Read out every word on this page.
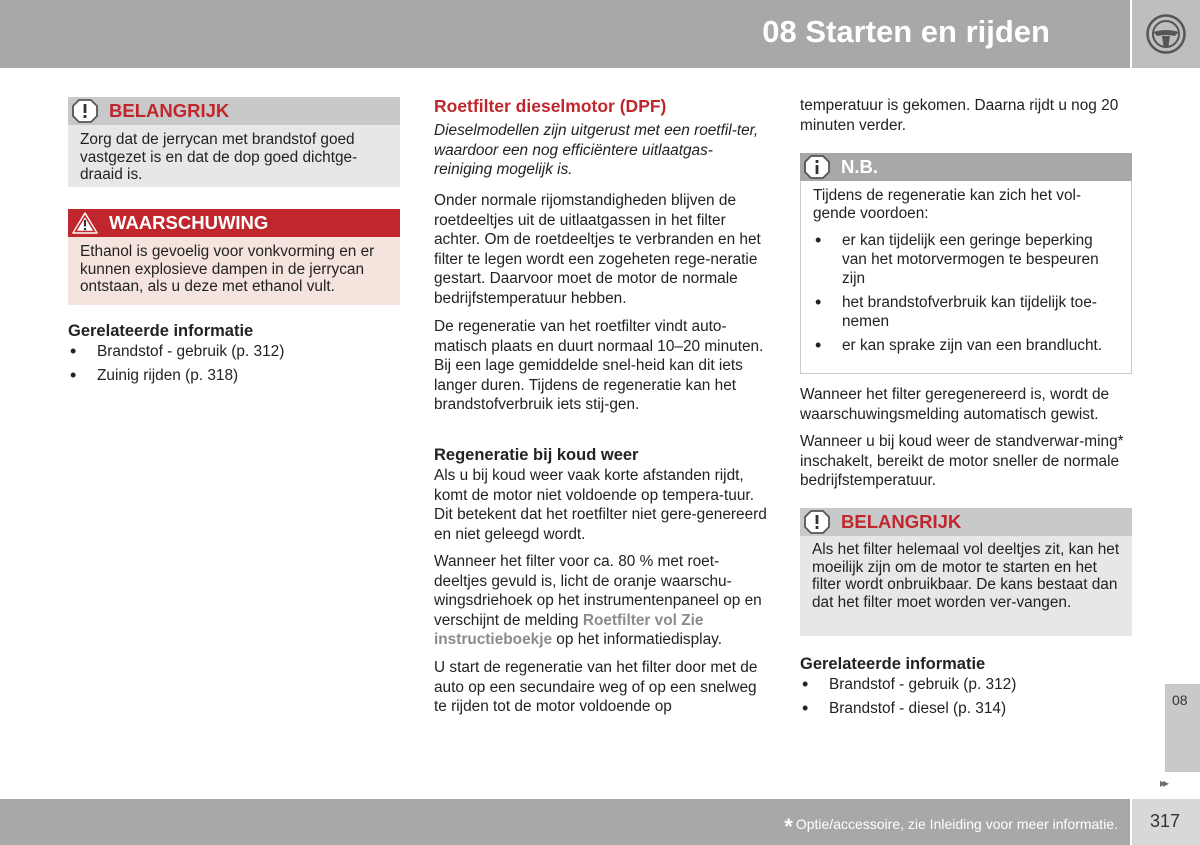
08 Starten en rijden
BELANGRIJK
Zorg dat de jerrycan met brandstof goed vastgezet is en dat de dop goed dichtge-draaid is.
WAARSCHUWING
Ethanol is gevoelig voor vonkvorming en er kunnen explosieve dampen in de jerrycan ontstaan, als u deze met ethanol vult.
Gerelateerde informatie
• Brandstof - gebruik (p. 312)
• Zuinig rijden (p. 318)
Roetfilter dieselmotor (DPF)

Dieselmodellen zijn uitgerust met een roetfil-ter, waardoor een nog efficiëntere uitlaatgas-reiniging mogelijk is.

Onder normale rijomstandigheden blijven de roetdeeltjes uit de uitlaatgassen in het filter achter. Om de roetdeeltjes te verbranden en het filter te legen wordt een zogeheten rege-neratie gestart. Daarvoor moet de motor de normale bedrijfstemperatuur hebben.

De regeneratie van het roetfilter vindt auto-matisch plaats en duurt normaal 10–20 minuten. Bij een lage gemiddelde snel-heid kan dit iets langer duren. Tijdens de regeneratie kan het brandstofverbruik iets stij-gen.

Regeneratie bij koud weer

Als u bij koud weer vaak korte afstanden rijdt, komt de motor niet voldoende op tempera-tuur. Dit betekent dat het roetfilter niet gere-genereerd en niet geleegd wordt.

Wanneer het filter voor ca. 80 % met roet-deeltjes gevuld is, licht de oranje waarschu-wingsdriehoek op het instrumentenpaneel op en verschijnt de melding Roetfilter vol Zie instructieboekje op het informatiedisplay.

U start de regeneratie van het filter door met de auto op een secundaire weg of op een snelweg te rijden tot de motor voldoende op

temperatuur is gekomen. Daarna rijdt u nog 20 minuten verder.

N.B.
Tijdens de regeneratie kan zich het vol-gende voordoen:
• er kan tijdelijk een geringe beperking van het motorvermogen te bespeuren zijn
• het brandstofverbruik kan tijdelijk toe-nemen
• er kan sprake zijn van een brandlucht.

Wanneer het filter geregenereerd is, wordt de waarschuwingsmelding automatisch gewist.

Wanneer u bij koud weer de standverwar-ming* inschakelt, bereikt de motor sneller de normale bedrijfstemperatuur.

BELANGRIJK
Als het filter helemaal vol deeltjes zit, kan het moeilijk zijn om de motor te starten en het filter wordt onbruikbaar. De kans bestaat dan dat het filter moet worden ver-vangen.
Gerelateerde informatie
• Brandstof - gebruik (p. 312)
• Brandstof - diesel (p. 314)	08
▸▸
* Optie/accessoire, zie Inleiding voor meer informatie. 317
